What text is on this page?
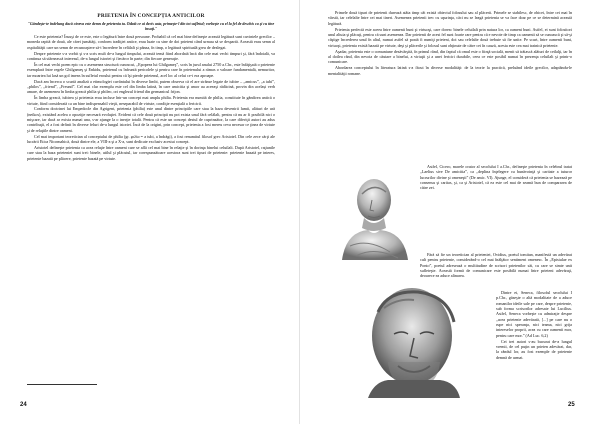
PRIETENIA ÎN CONCEPȚIA ANTICILOR
"Gândeşte-te îndelung dacă cineva este demn de prietenia ta. Odată ce ai decis asta, primeşte-l din tot sufletul; vorbeşte cu el la fel de deschis ca şi cu tine însuţi."

Ce este prietenia? Însuşi de ce este, este o legătură între două persoane. Probabil că cel mai bine defineşte această legătură sunt cuvintele grecilor – moneda rapită de două, ale cărei jumătăţi, conform tradiţiei antice, erau luate cu sine de doi prieteni când urmau să se despartă. Această erau semn al ospitalităţii care un semn de recunoaştere să-i încredere în celălalt şi pânza, în timp, o legătură spirituală greu de dezlegat.

Despre prietenie s-a vorbit şi s-a scris mult de-a lungul timpului, această temă fiind abordată încă din cele mai vechi timpuri şi, fără îndoială, va continua să stârnească interesul, de-a lungul istoriei şi fiecăror în parte; din fiecare generaţie.

În cel mai vechi poem epic cu o asemenea structură cunoscut, „Epopeea lui Ghilgameş”, scris în jurul anului 2750 a.Chr., este înfăţişată o prietenie exemplară între regele Ghilgameş şi Enkidu, prietenul cu înfruntă pericolele şi pentru care în prietenului a rămas o valoare fundamentală, nemuritor, iar moartea lui lasă un gol imens în sufletul eroului pentru că îşi pierde prietenul, acel loc al celui ce-i era aproape.

Dacă am încerca o scurtă analiză a etimologiei cuvântului în diverse limbi, putem observa că el are strânse legate de iubire – „amicus”, „a iubi”, „philos”, „friend”, „Freund”. Cel mai clar exemplu este cel din limba latină, în care amicitia şi amor au aceeaşi rădăcină, provin din același verb amare, de asemenea în limba greacă philia şi phileo, ori englezul friend din germanicul frijon.

În limba greacă, iubirea şi prietenia erau incluse într-un concept mai amplu philia. Prietenia era numită de philia, constituie în gândirea antică o virtute, fiind considerată ca un bine indispensabil vieţii, neseparabil de virtute, condiţie esenţială a fericirii.

Conform doctrinei lui Empedocle din Agrigent, prietenia (philia) este unul dintre principiile care stau la baza devenirii lumii, alături de ură (neikos), existând acelea o opoziţie necesară evoluţiei. Evident că cele două principii nu pot exista unul fără celălalt, pentru că nu ar fi posibilă nici o mişcare, iar dacă ar exista numai una, s-ar ajunge la o inerţie totală. Pentru că este un concept destul de cuprinzător, la care diferiţii autori au adus contribuţii, el a fost definit în diverse feluri de-a lungul istoriei. Încă de la origini, prin concept, prietenia a fost mereu ceva necesar ce ţinea de virtute şi de relaţiile dintre oameni.

Cel mai important teoretician al conceptului de philia (gr. φιλία = a iubi, a îndrăgi), a fost renumitul filosof grec Aristotel. Din cele zece cărţi ale lucrării Etica Nicomahică, două dintre ele, a VIII-a şi a X-a, sunt dedicate exclusiv acestui concept.

Aristotel defineşte prietenia ca acea relaţie între oameni care se află cel mai bine în relaţie şi în dorinţa binelui celuilalt. După Aristotel, raţiunile care stau la baza prieteniei sunt trei: binele, utilul şi plăcutul, iar corespunzătoare acestora sunt trei tipuri de prietenie: prietenie bazată pe interes, prietenie bazată pe plăcere, prietenie bazată pe virtute.

24

Primele două tipuri de prietenii durează atâta timp cât există obiectul folosului sau al plăcerii. Primele se stabilesc, de obicei, între cei mai în vârstă, iar celelalte între cei mai tineri. Asemenea prietenii trec cu uşurinţa, căci nu se leagă prietenia se va face doar pe ce se determină această legătură.

Prietenia perfectă este aceea între oamenii buni şi virtuoşi, care doresc binele celuilalt prin natura lor, ca oameni buni. Astfel, ei sunt folositori unul altuia şi plăcuţi, pentru că sunt asemenea. Dar prietenii de acest fel sunt foarte rare pentru că e nevoie de timp ca oamenii să se cunoască şi să-şi câştige încrederea unul în altul, numai astfel să poată fi numiţi prieteni, doi sau celelalte două trebuie să fie unite. Pe scurt, între oamenii buni, virtuoşi, prietenia există bazată pe virtute, deşi şi plăcerile şi folosul sunt obţinute de către cei în cauză, acesta este cea mai trainică prietenie.

Aşadar, prietenia este o comuniune desăvârşită, în primul rând, din faptul că omul este o fiinţă socială, menit să trăiască alături de ceilalţi, iar în al doilea rând, din nevoia de căutare a binelui, a virtuţii şi a unei fericiri durabile, ceea ce este posibil numai în prezenţa celuilalt şi printr-o comunicare.

Abordarea conceptului în literatura latină s-a făcut în diverse modalităţi: de la teorie la practică, preluând ideile grecilor, adaptându-le mentalităţii romane.

Astfel, Cicero, marele orator al secolului I a.Chr., defineşte prietenia în celebrul tratat „Laelius sive De amicitia”, ca „deplina înţelegere cu bunăvoinţă şi caritate a tuturor lucrurilor divine şi omeneşti” (De amic. VI). Ajunge, el consideră că prietenia se bazează pe consensu şi caritas, şi, ca şi Aristotel, că ea este cel mai de seamă bun de compararea de către zei.

Fără să fie un teoretician al prieteniei, Ovidius, poetul tomitan, manifestă un adevărat cult pentru prietenie, considerând-o cel mai înălţător sentiment omenesc. În „Epistulae ex Ponto”, poetul adresează o multitudine de scrisori prietenilor săi, cu care se simte unit sufleteşte. Această formă de comunicare este posibilă numai între prieteni adevăraţi, deoarece ea aduce alinarea.

Dintre ei, Seneca, filosoful secolului I p.Chr., găseşte o altă modalitate de a aduce romanilor ideile sale pe care, despre prietenie, sub forma scrisorilor adresate lui Lucilius. Astfel, Seneca vorbeşte cu admiraţie despre „acea prietenie adevărată, [...] pe care nu o rupe nici speranţa, nici teama, nici grija intereselor proprii, acea cu care oamenii mor, pentru care mor.” (Ad Luc. 6,2)

Cei trei autori s-au bucurat de-a lungul vremii, de cel puţin un prieten adevărat, dar, la rândul lor, au fost exemple de prietenie demnă de urmat.

25
